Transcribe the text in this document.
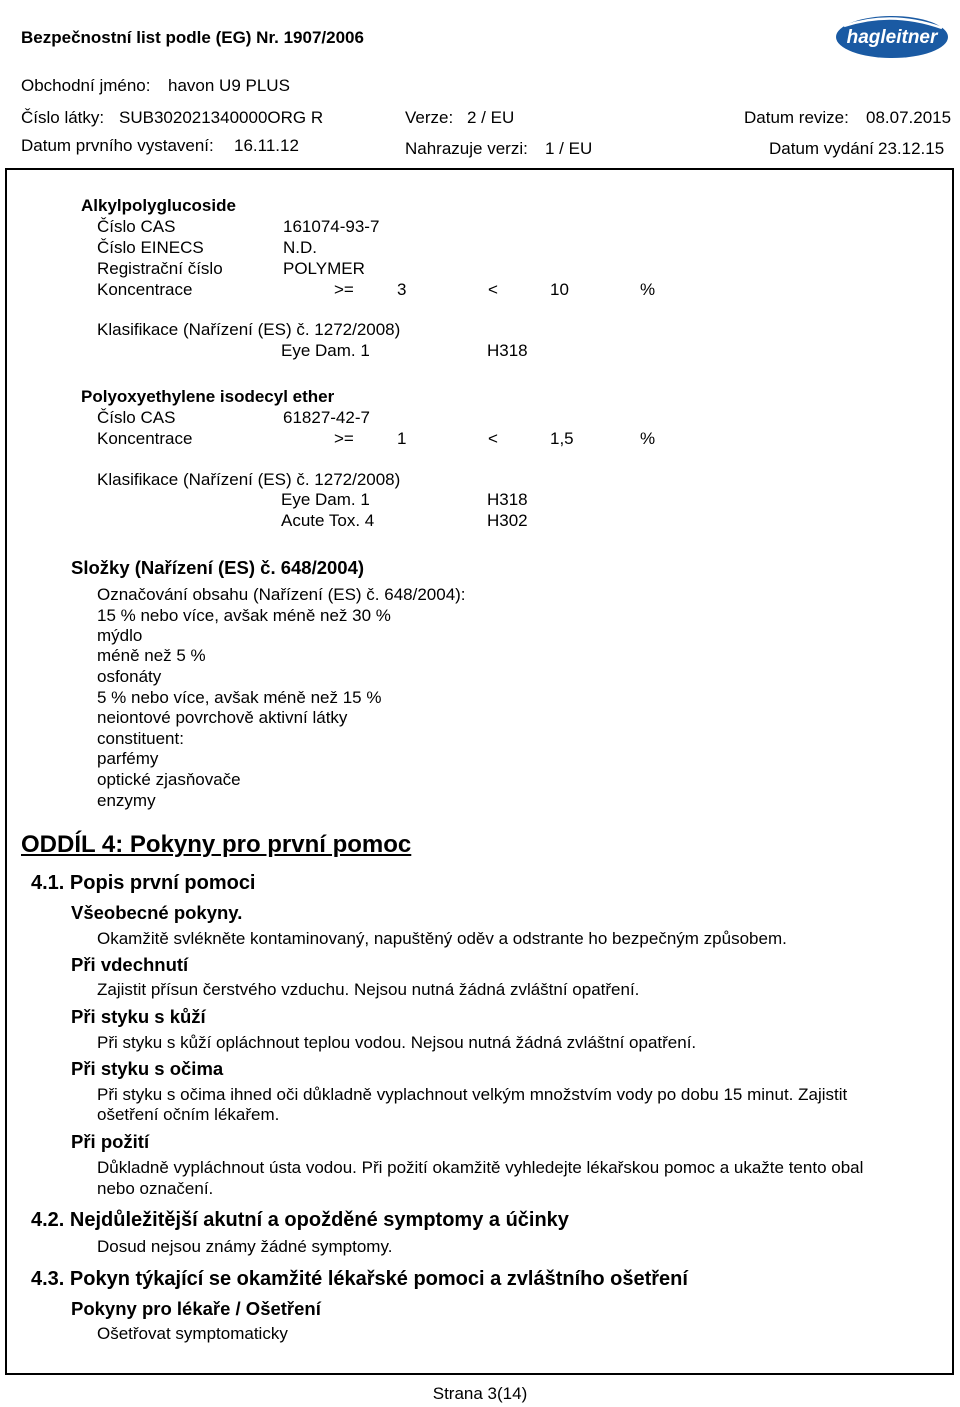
Bezpečnostní list podle (EG) Nr. 1907/2006	hagleitner
Obchodní jméno: havon U9 PLUS
Číslo látky: SUB302021340000ORG R	Verze: 2 / EU	Datum revize: 08.07.2015
Datum prvního vystavení: 16.11.12	Nahrazuje verzi: 1 / EU	Datum vydání 23.12.15
Alkylpolyglucoside
Číslo CAS	161074-93-7
Číslo EINECS	N.D.
Registrační číslo	POLYMER
Koncentrace	>=	3	<	10	%
Klasifikace (Nařízení (ES) č. 1272/2008)
Eye Dam. 1	H318
Polyoxyethylene isodecyl ether
Číslo CAS	61827-42-7
Koncentrace	>=	1	<	1,5	%
Klasifikace (Nařízení (ES) č. 1272/2008)
Eye Dam. 1	H318
Acute Tox. 4	H302
Složky (Nařízení (ES) č. 648/2004)
Označování obsahu (Nařízení (ES) č. 648/2004):
15 % nebo více, avšak méně než 30 %
mýdlo
méně než 5 %
osfonáty
5 % nebo více, avšak méně než 15 %
neiontové povrchově aktivní látky
constituent:
parfémy
optické zjasňovače
enzymy
ODDÍL 4: Pokyny pro první pomoc
4.1. Popis první pomoci
Všeobecné pokyny.
Okamžitě svlékněte kontaminovaný, napuštěný oděv a odstrante ho bezpečným způsobem.
Při vdechnutí
Zajistit přísun čerstvého vzduchu. Nejsou nutná žádná zvláštní opatření.
Při styku s kůží
Při styku s kůží opláchnout teplou vodou. Nejsou nutná žádná zvláštní opatření.
Při styku s očima
Při styku s očima ihned oči důkladně vyplachnout velkým množstvím vody po dobu 15 minut. Zajistit
ošetření očním lékařem.
Při požití
Důkladně vypláchnout ústa vodou. Při požití okamžitě vyhledejte lékařskou pomoc a ukažte tento obal
nebo označení.
4.2. Nejdůležitější akutní a opožděné symptomy a účinky
Dosud nejsou známy žádné symptomy.
4.3. Pokyn týkající se okamžité lékařské pomoci a zvláštního ošetření
Pokyny pro lékaře / Ošetření
Ošetřovat symptomaticky
Strana 3(14)
